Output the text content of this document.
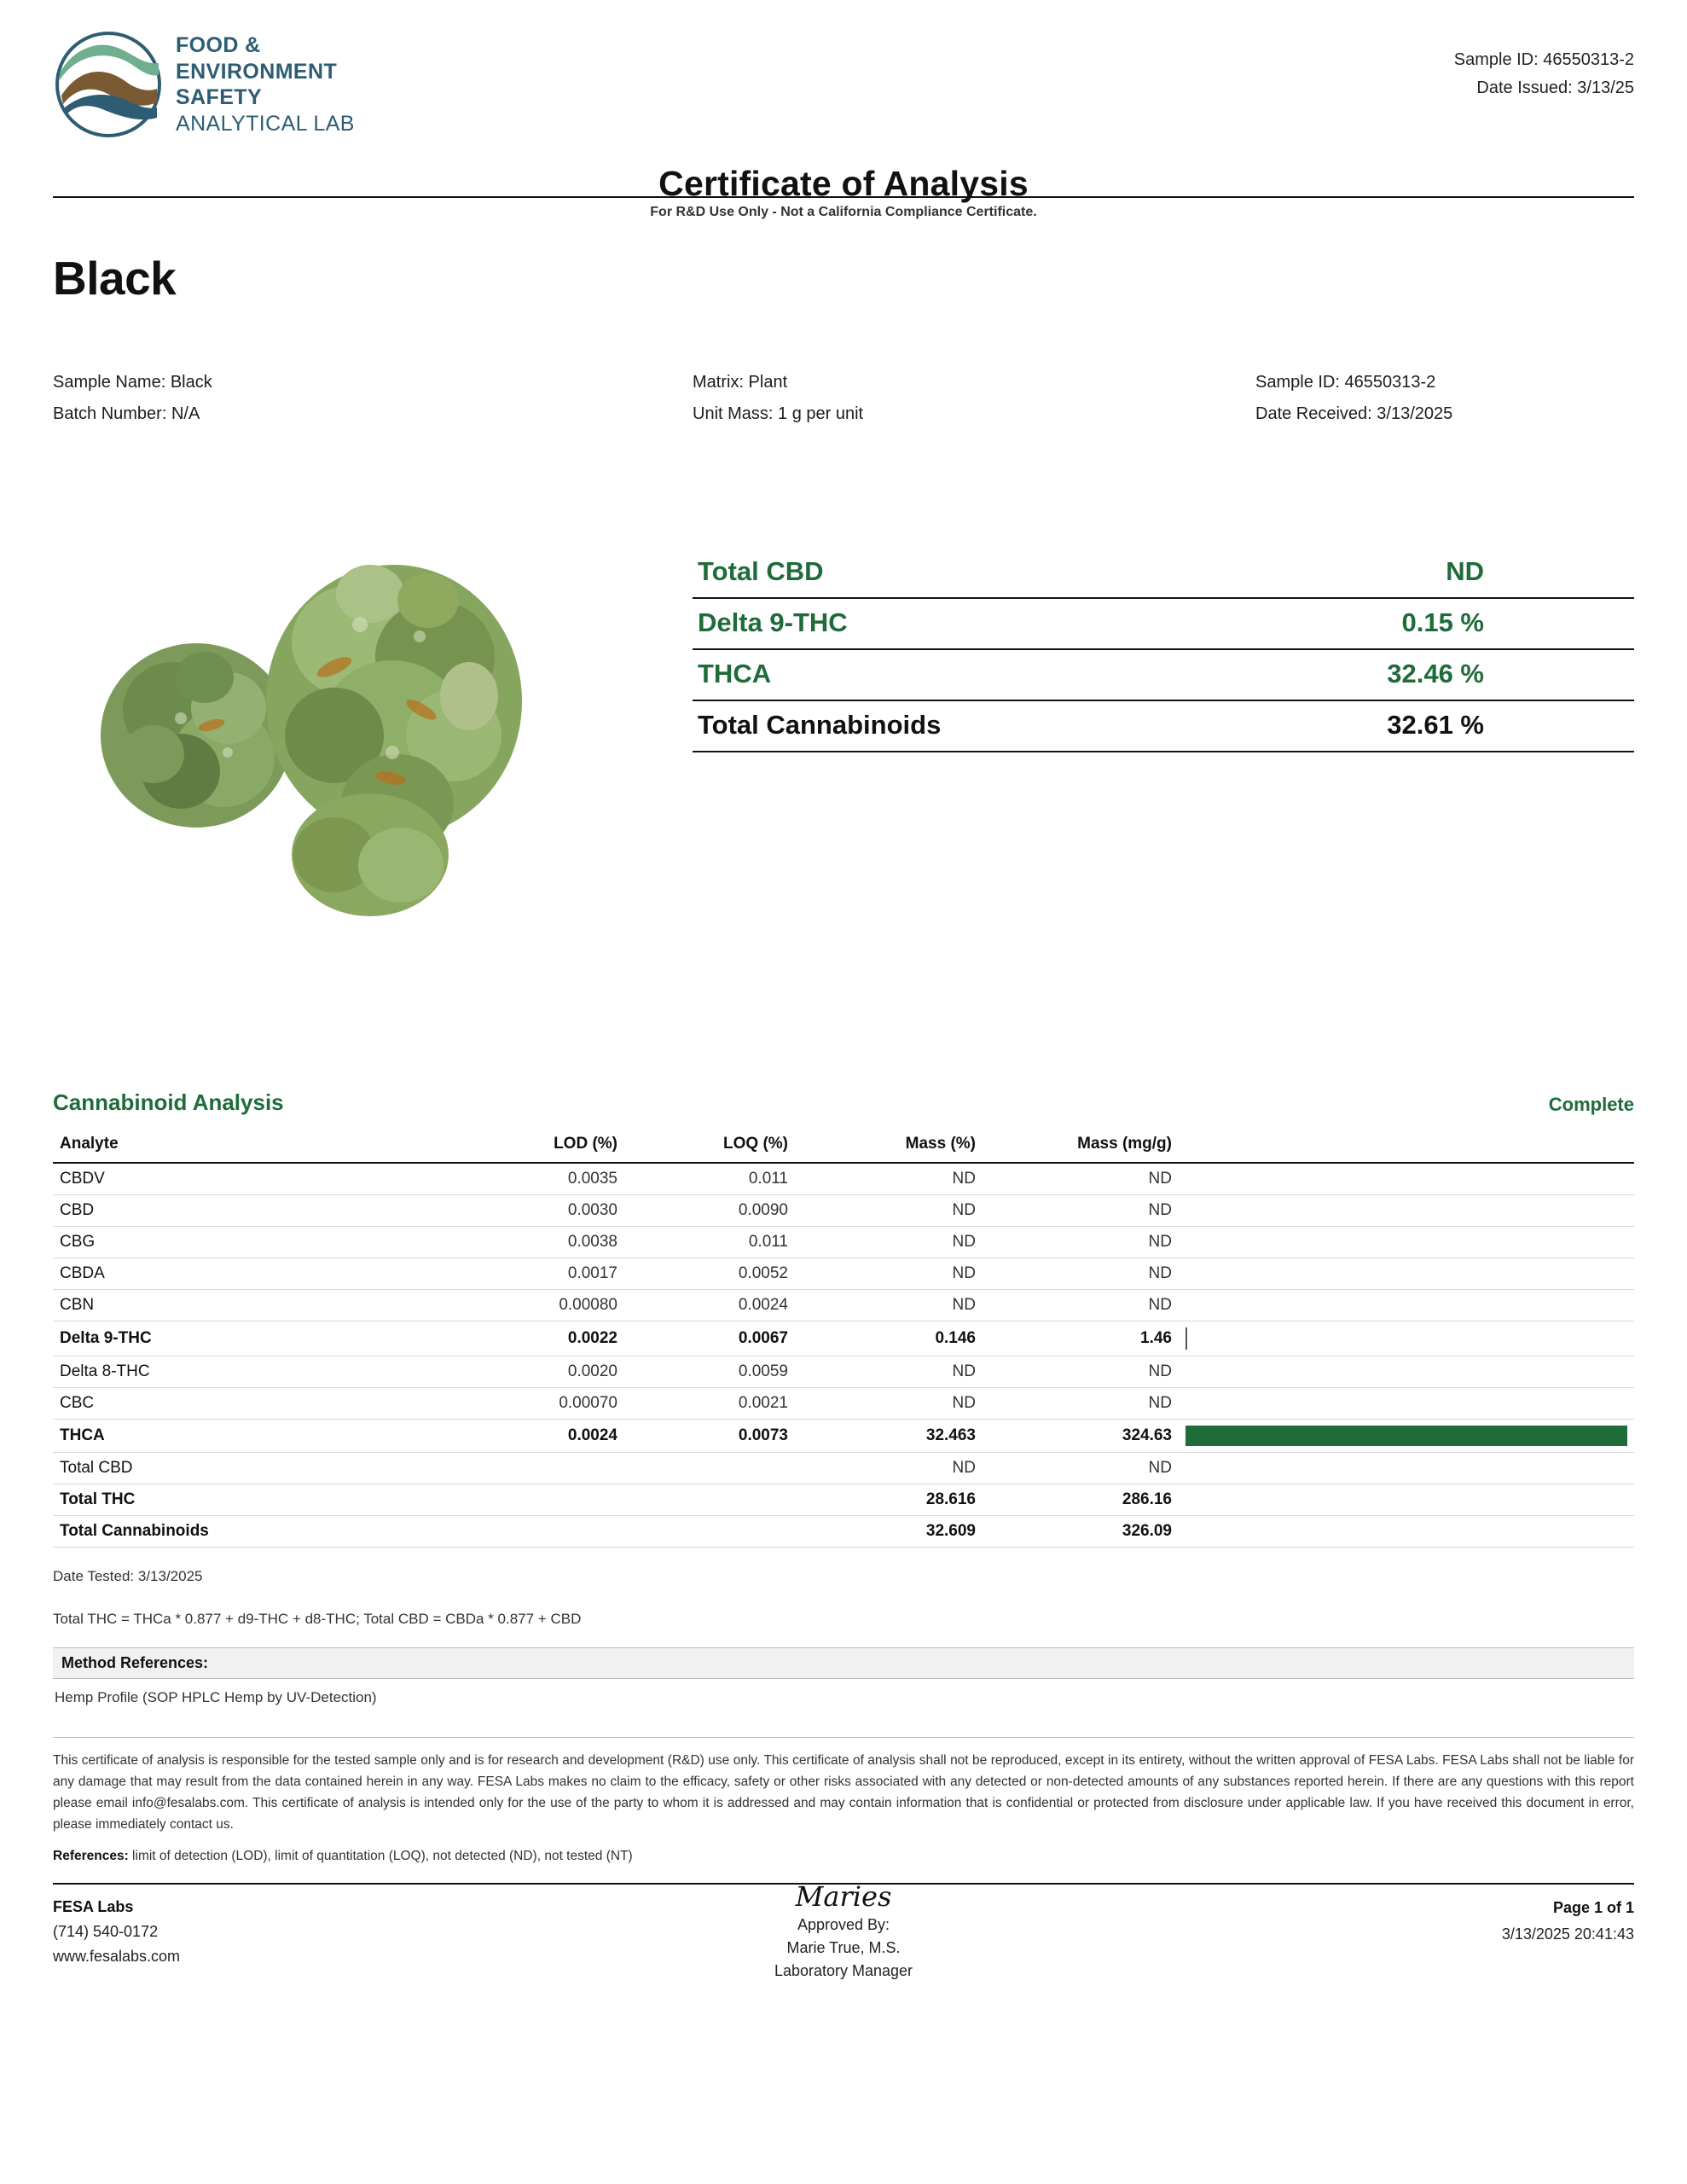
FOOD &
ENVIRONMENT
SAFETY
ANALYTICAL LAB
Certificate of Analysis
Sample ID: 46550313-2
Date Issued: 3/13/25
For R&D Use Only - Not a California Compliance Certificate.
Black
Sample Name: Black
Batch Number: N/A
Matrix: Plant
Unit Mass: 1 g per unit
Sample ID: 46550313-2
Date Received: 3/13/2025
Total CBD	ND
Delta 9-THC	0.15 %
THCA	32.46 %
Total Cannabinoids	32.61 %
Cannabinoid Analysis	Complete
Analyte	LOD (%)	LOQ (%)	Mass (%)	Mass (mg/g)	
CBDV	0.0035	0.011	ND	ND	
CBD	0.0030	0.0090	ND	ND	
CBG	0.0038	0.011	ND	ND	
CBDA	0.0017	0.0052	ND	ND	
CBN	0.00080	0.0024	ND	ND	
Delta 9-THC	0.0022	0.0067	0.146	1.46	

Delta 8-THC	0.0020	0.0059	ND	ND	
CBC	0.00070	0.0021	ND	ND	
THCA	0.0024	0.0073	32.463	324.63	

Total CBD			ND	ND	
Total THC			28.616	286.16	
Total Cannabinoids			32.609	326.09	
Date Tested: 3/13/2025
Total THC = THCa * 0.877 + d9-THC + d8-THC; Total CBD = CBDa * 0.877 + CBD
Method References:
Hemp Profile (SOP HPLC Hemp by UV-Detection)
This certificate of analysis is responsible for the tested sample only and is for research and development (R&D) use only. This certificate of analysis shall not be reproduced, except in its entirety, without the written approval of FESA Labs. FESA Labs shall not be liable for any damage that may result from the data contained herein in any way. FESA Labs makes no claim to the efficacy, safety or other risks associated with any detected or non-detected amounts of any substances reported herein. If there are any questions with this report please email info@fesalabs.com. This certificate of analysis is intended only for the use of the party to whom it is addressed and may contain information that is confidential or protected from disclosure under applicable law. If you have received this document in error, please immediately contact us.
References: limit of detection (LOD), limit of quantitation (LOQ), not detected (ND), not tested (NT)
FESA Labs
(714) 540-0172
www.fesalabs.com
Maries
Approved By:
Marie True, M.S.
Laboratory Manager
Page 1 of 1
3/13/2025 20:41:43
